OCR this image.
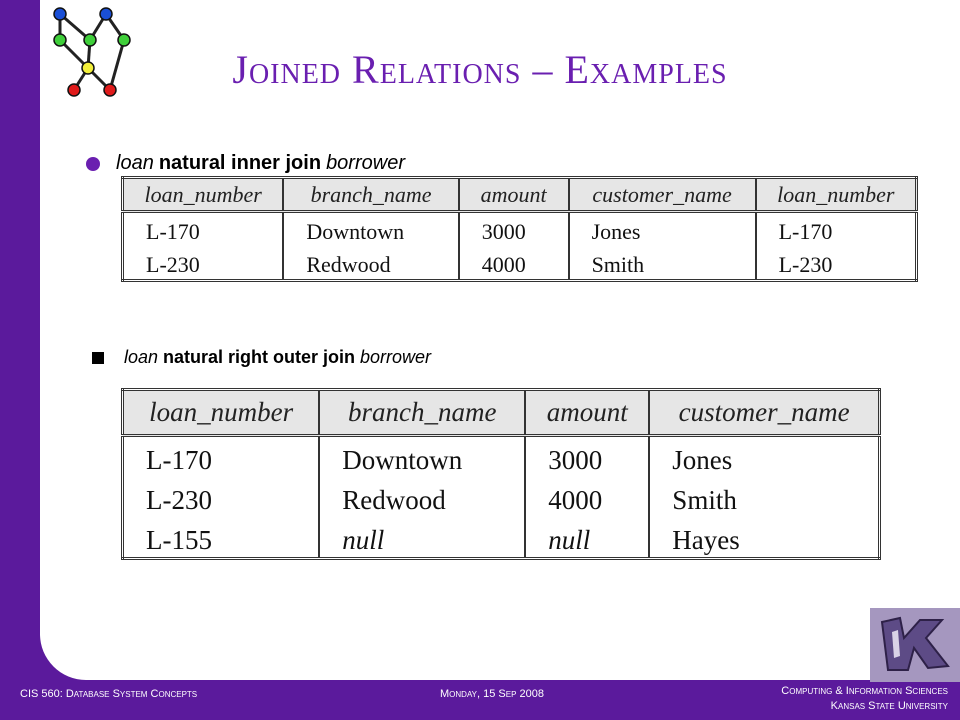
Joined Relations – Examples
loan natural inner join borrower
loan_number	branch_name	amount	customer_name	loan_number
L-170	Downtown	3000	Jones	L-170
L-230	Redwood	4000	Smith	L-230
loan natural right outer join borrower
loan_number	branch_name	amount	customer_name
L-170	Downtown	3000	Jones
L-230	Redwood	4000	Smith
L-155	null	null	Hayes
CIS 560: Database System Concepts	Monday, 15 Sep 2008	Computing & Information Sciences
Kansas State University
